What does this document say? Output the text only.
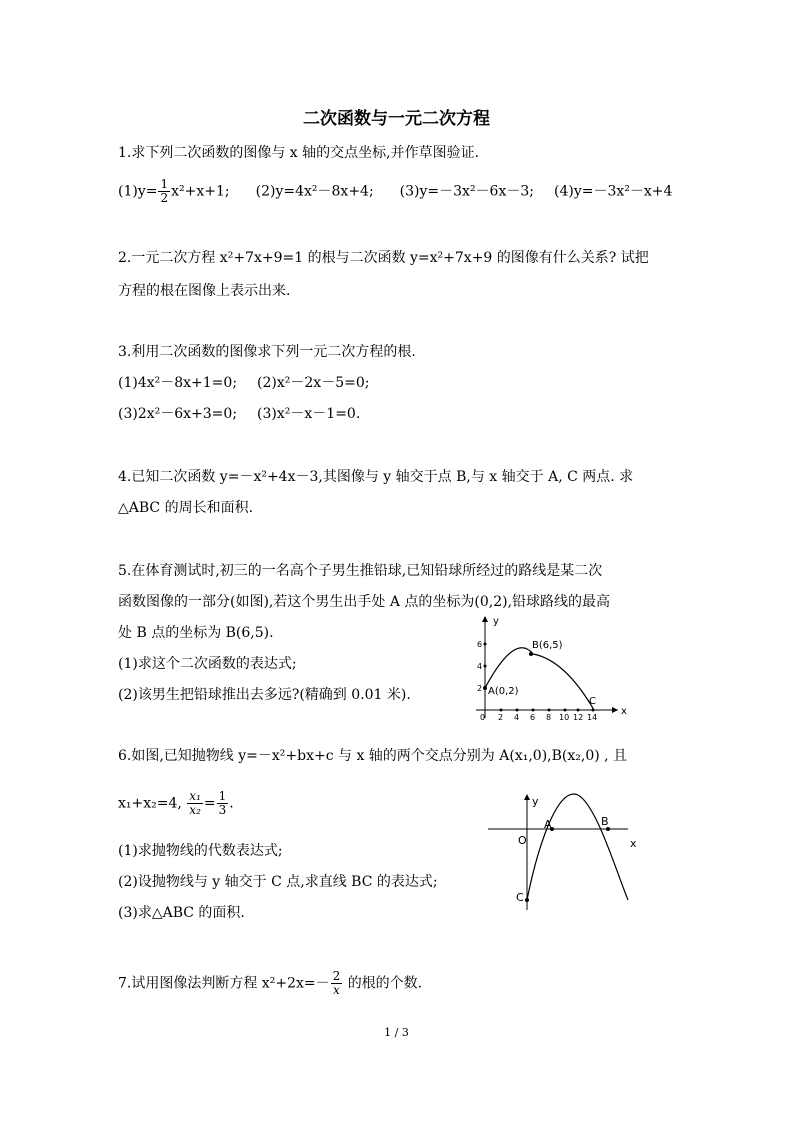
二次函数与一元二次方程
1.求下列二次函数的图像与 x 轴的交点坐标,并作草图验证.
$(1)y= \frac{1}{2} x^2+x+1$; (2)y=4x²－8x+4; (3)y=－3x²－6x－3; (4)y=－3x²－x+4
2.一元二次方程 x²+7x+9=1 的根与二次函数 y=x²+7x+9 的图像有什么关系? 试把
方程的根在图像上表示出来.
3.利用二次函数的图像求下列一元二次方程的根.
(1)4x²－8x+1=0; (2)x²－2x－5=0;
(3)2x²－6x+3=0; (3)x²－x－1=0.
4.已知二次函数 y=－x²+4x－3,其图像与 y 轴交于点 B,与 x 轴交于 A, C 两点. 求
△ABC 的周长和面积.
5.在体育测试时,初三的一名高个子男生推铅球,已知铅球所经过的路线是某二次
函数图像的一部分(如图),若这个男生出手处 A 点的坐标为(0,2),铅球路线的最高
处 B 点的坐标为 B(6,5).
(1)求这个二次函数的表达式;
(2)该男生把铅球推出去多远?(精确到 0.01 米).
y
x
0
6
4
2
2 4 6 8 10 12 14
A(0,2)
B(6,5)
C
6.如图,已知抛物线 y=－x²+bx+c 与 x 轴的两个交点分别为 A(x₁,0),B(x₂,0) , 且
x₁+x₂=4, $\frac{\text{x₁}}{\text{x₂}} = \frac{1}{3}$ .
(1)求抛物线的代数表达式;
(2)设抛物线与 y 轴交于 C 点,求直线 BC 的表达式;
(3)求△ABC 的面积.
y
x
O
A	B
C
7.试用图像法判断方程 $x^2+2x=- \frac{2}{x}$ 的根的个数.
1 / 3
